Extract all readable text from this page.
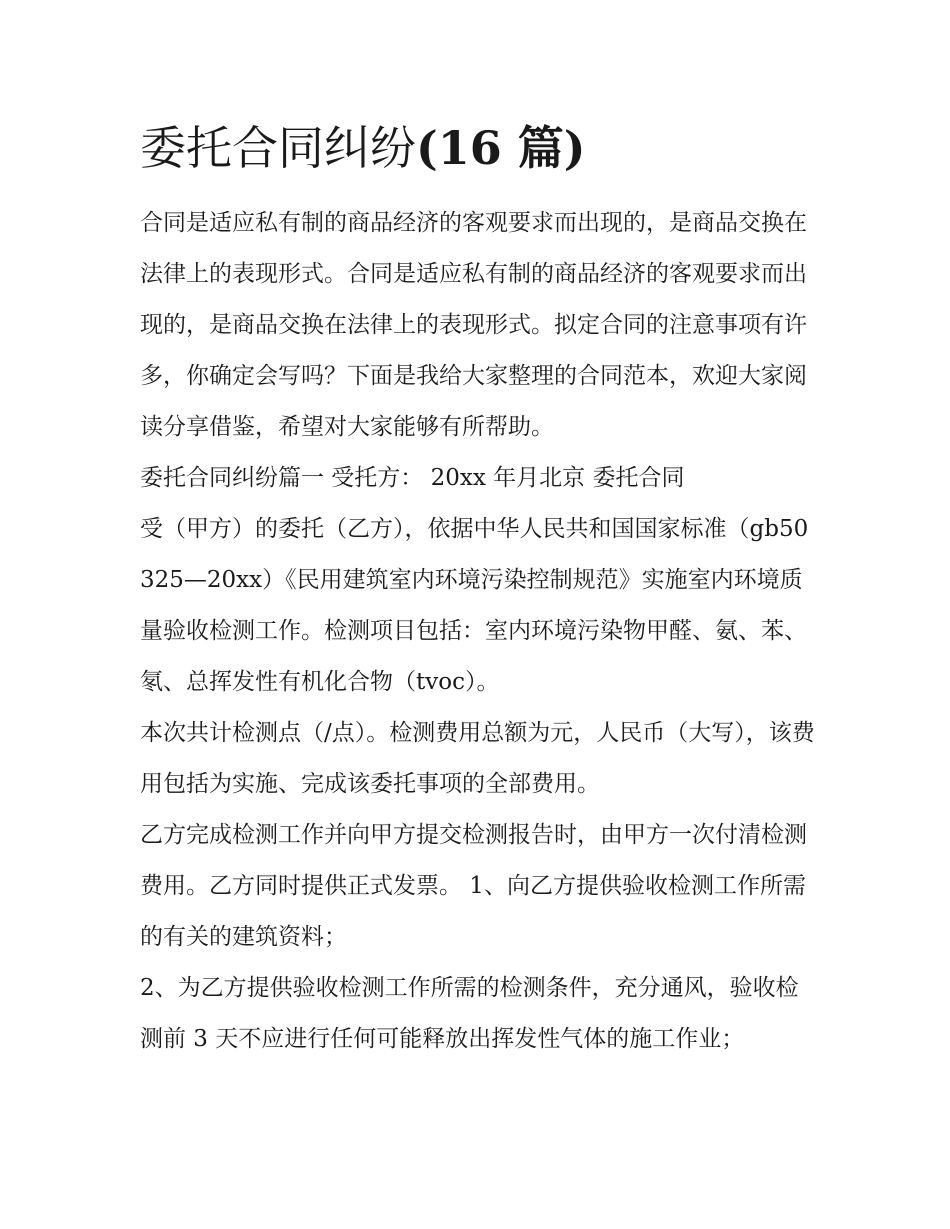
委托合同纠纷(16 篇)

合同是适应私有制的商品经济的客观要求而出现的，是商品交换在法律上的表现形式。合同是适应私有制的商品经济的客观要求而出现的，是商品交换在法律上的表现形式。拟定合同的注意事项有许多，你确定会写吗？下面是我给大家整理的合同范本，欢迎大家阅读分享借鉴，希望对大家能够有所帮助。

委托合同纠纷篇一 受托方： 20xx 年月北京 委托合同

受（甲方）的委托（乙方），依据中华人民共和国国家标准（gb50325—20xx）《民用建筑室内环境污染控制规范》实施室内环境质量验收检测工作。检测项目包括：室内环境污染物甲醛、氨、苯、氡、总挥发性有机化合物（tvoc）。

本次共计检测点（/点）。检测费用总额为元，人民币（大写），该费用包括为实施、完成该委托事项的全部费用。

乙方完成检测工作并向甲方提交检测报告时，由甲方一次付清检测费用。乙方同时提供正式发票。 1、向乙方提供验收检测工作所需的有关的建筑资料；

2、为乙方提供验收检测工作所需的检测条件，充分通风，验收检测前 3 天不应进行任何可能释放出挥发性气体的施工作业；
